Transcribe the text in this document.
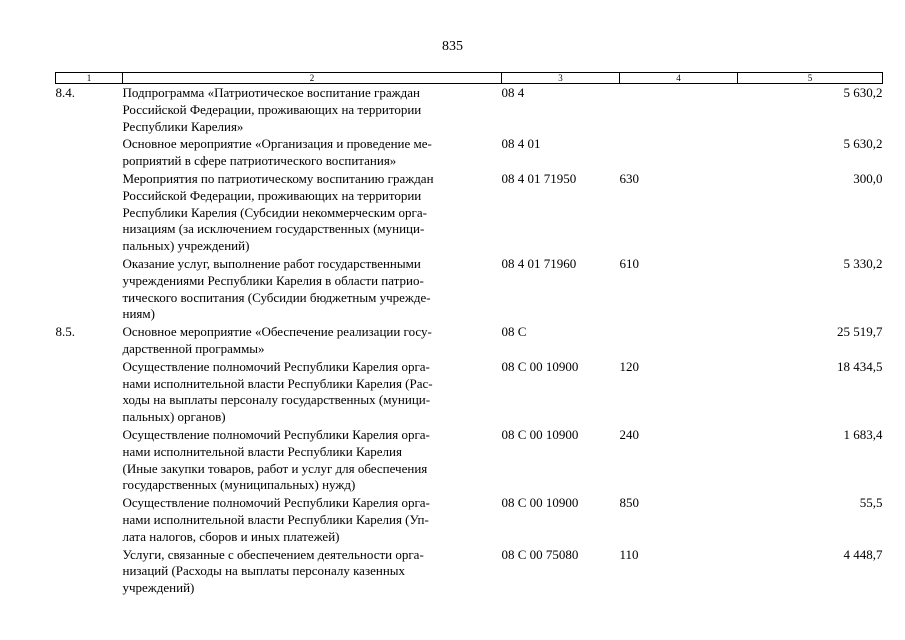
835
1	2	3	4	5
8.4.	Подпрограмма «Патриотическое воспитание граждан
Российской Федерации, проживающих на территории
Республики Карелия»	08 4		5 630,2

	Основное мероприятие «Организация и проведение ме-
роприятий в сфере патриотического воспитания»	08 4 01		5 630,2

	Мероприятия по патриотическому воспитанию граждан
Российской Федерации, проживающих на территории
Республики Карелия (Субсидии некоммерческим орга-
низациям (за исключением государственных (муници-
пальных) учреждений)	08 4 01 71950	630	300,0

	Оказание услуг, выполнение работ государственными
учреждениями Республики Карелия в области патрио-
тического воспитания (Субсидии бюджетным учрежде-
ниям)	08 4 01 71960	610	5 330,2
8.5.	Основное мероприятие «Обеспечение реализации госу-
дарственной программы»	08 С		25 519,7

	Осуществление полномочий Республики Карелия орга-
нами исполнительной власти Республики Карелия (Рас-
ходы на выплаты персоналу государственных (муници-
пальных) органов)	08 С 00 10900	120	18 434,5

	Осуществление полномочий Республики Карелия орга-
нами исполнительной власти Республики Карелия
(Иные закупки товаров, работ и услуг для обеспечения
государственных (муниципальных) нужд)	08 С 00 10900	240	1 683,4

	Осуществление полномочий Республики Карелия орга-
нами исполнительной власти Республики Карелия (Уп-
лата налогов, сборов и иных платежей)	08 С 00 10900	850	55,5

	Услуги, связанные с обеспечением деятельности орга-
низаций (Расходы на выплаты персоналу казенных
учреждений)	08 С 00 75080	110	4 448,7
